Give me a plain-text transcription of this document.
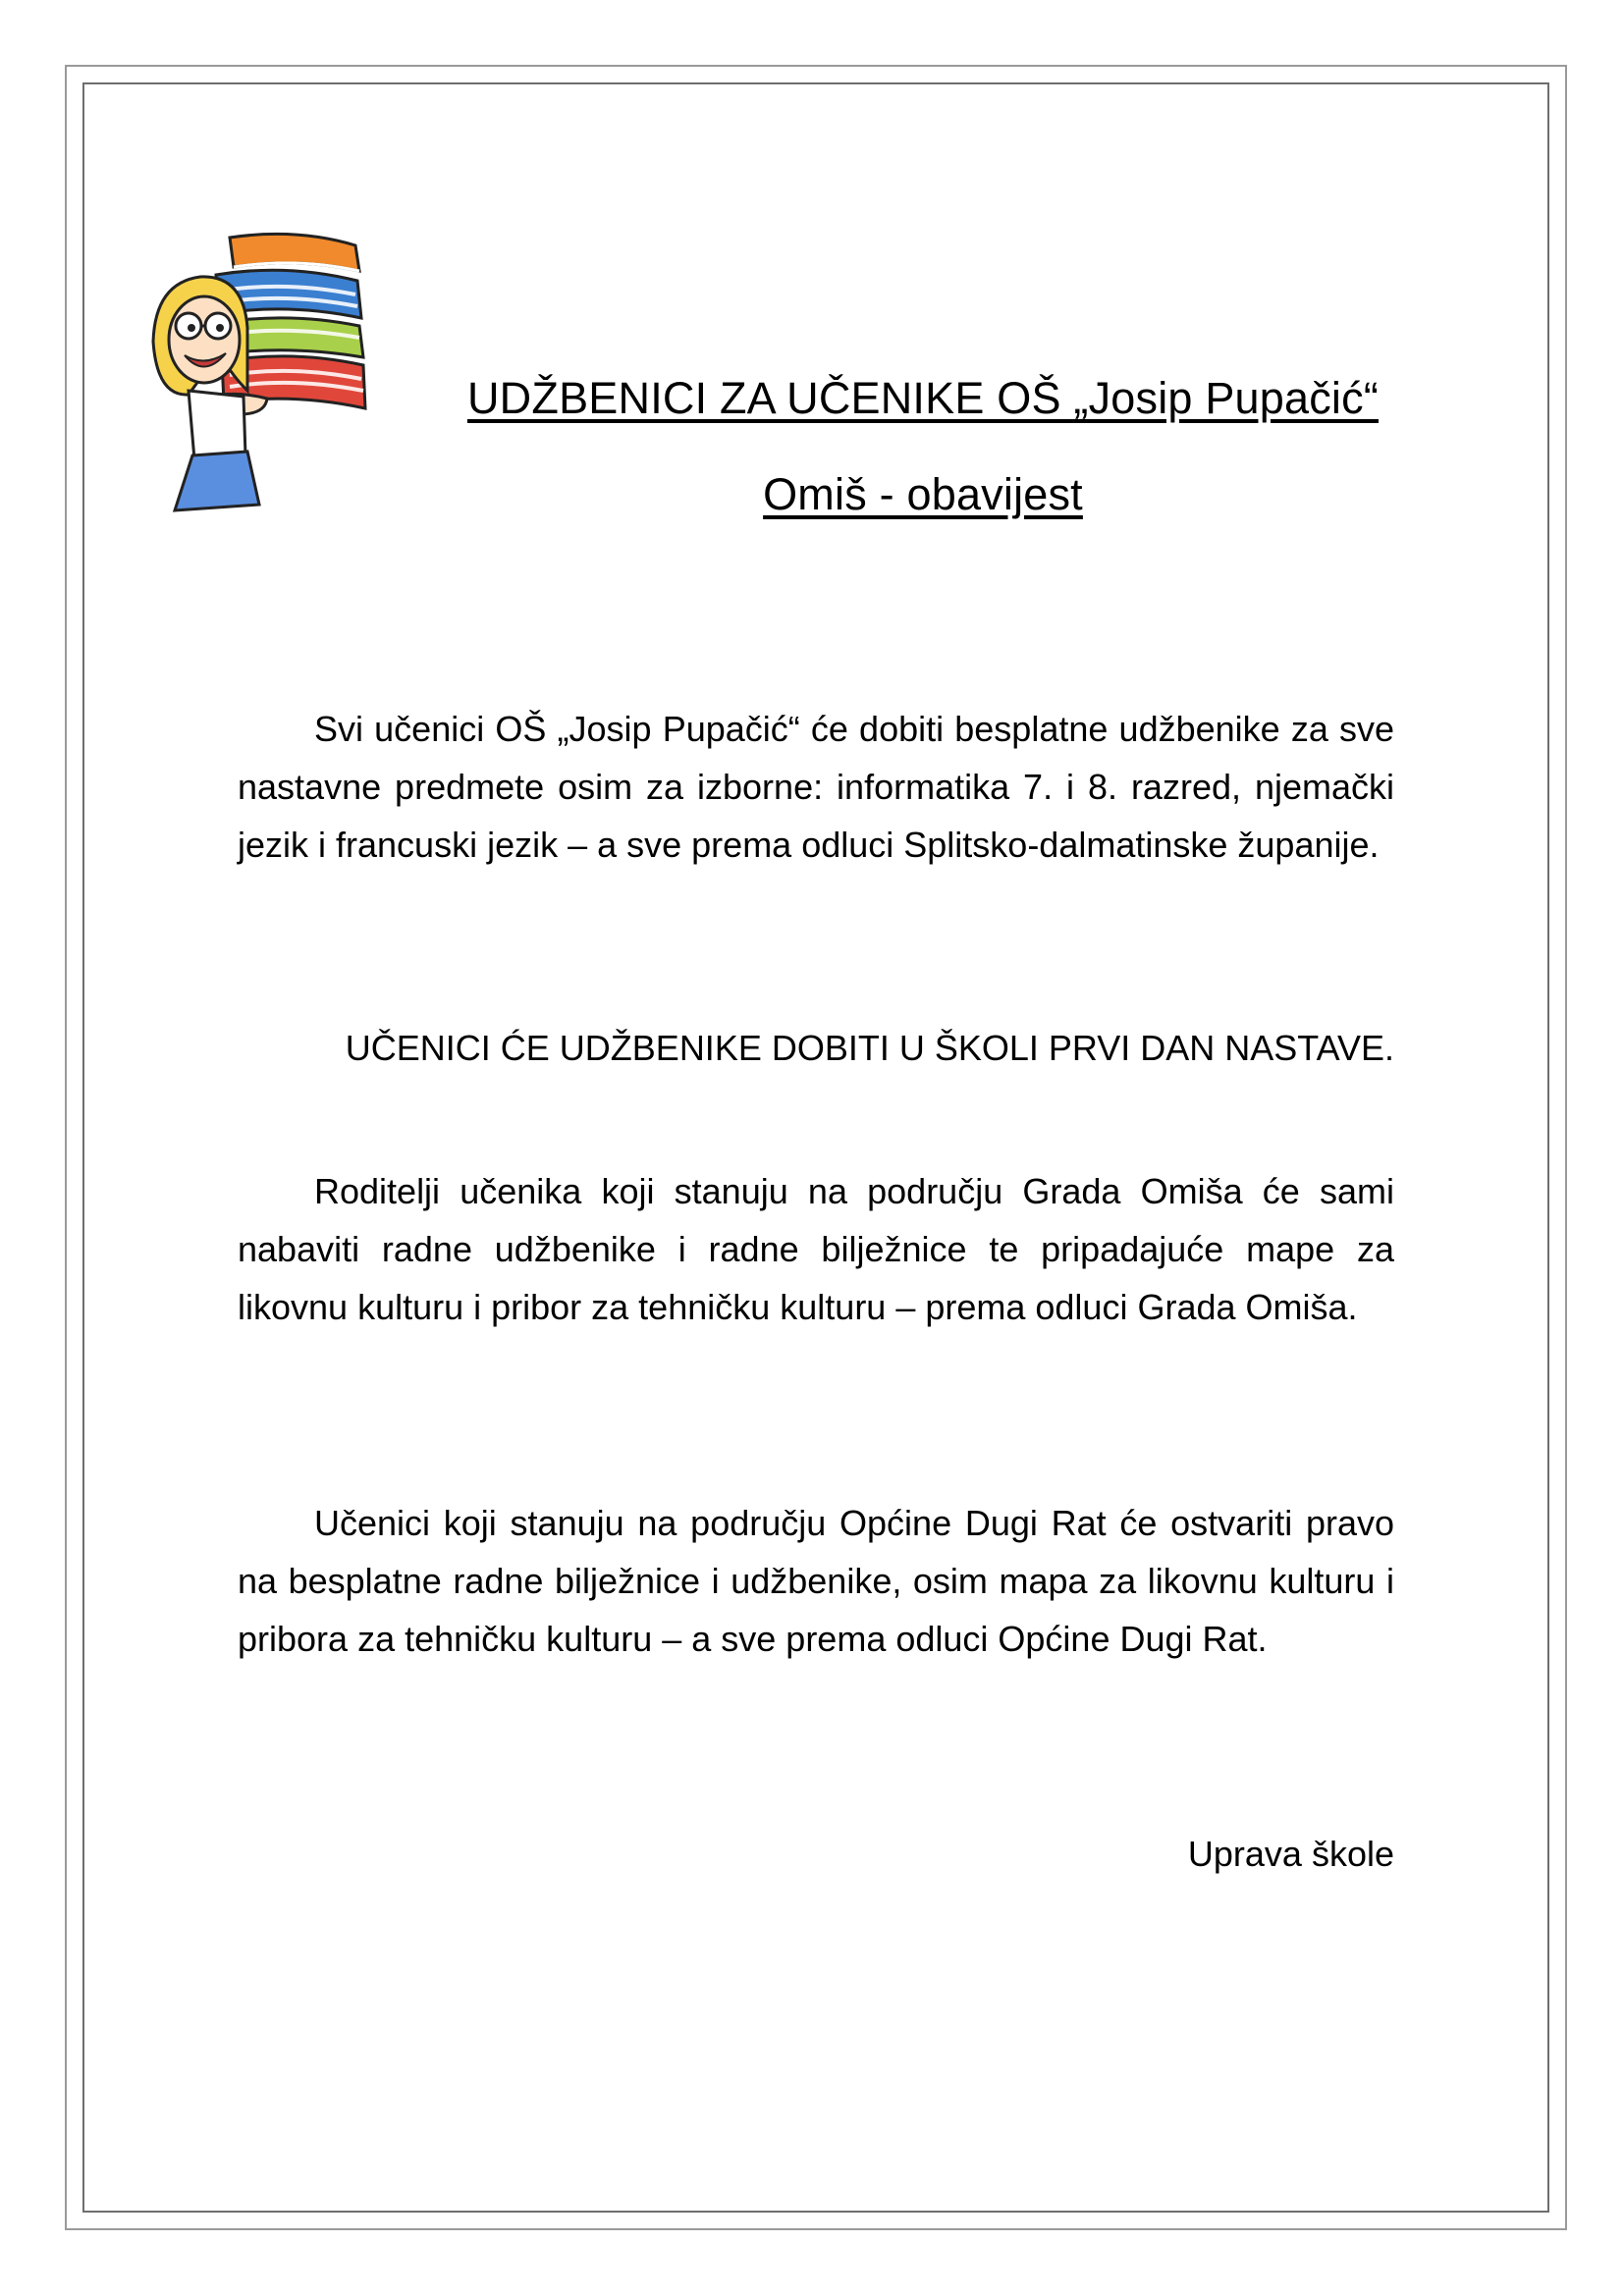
UDŽBENICI ZA UČENIKE OŠ „Josip Pupačić“
Omiš - obavijest
Svi učenici OŠ „Josip Pupačić“ će dobiti besplatne udžbenike za sve nastavne predmete osim za izborne: informatika 7. i 8. razred, njemački jezik i francuski jezik – a sve prema odluci Splitsko-dalmatinske županije.
UČENICI ĆE UDŽBENIKE DOBITI U ŠKOLI PRVI DAN NASTAVE.
Roditelji učenika koji stanuju na području Grada Omiša će sami nabaviti radne udžbenike i radne bilježnice te pripadajuće mape za likovnu kulturu i pribor za tehničku kulturu – prema odluci Grada Omiša.
Učenici koji stanuju na području Općine Dugi Rat će ostvariti pravo na besplatne radne bilježnice i udžbenike, osim mapa za likovnu kulturu i pribora za tehničku kulturu – a sve prema odluci Općine Dugi Rat.
Uprava škole
